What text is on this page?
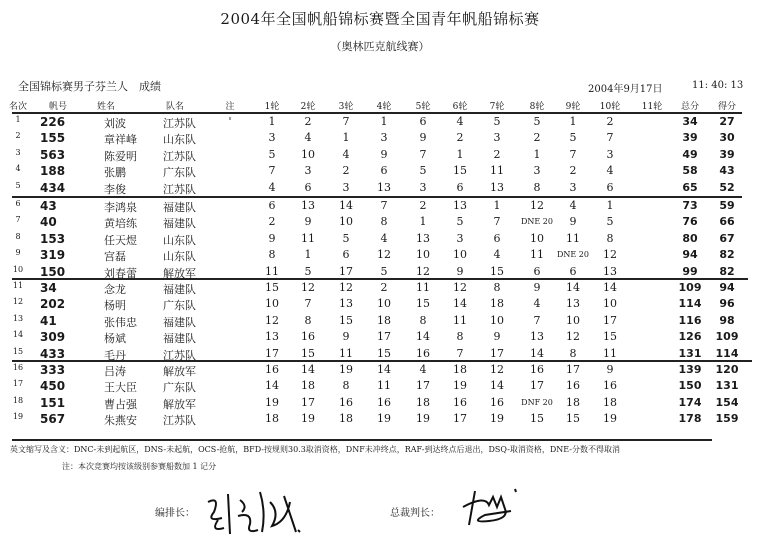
2004年全国帆船锦标赛暨全国青年帆船锦标赛
（奥林匹克航线赛）
全国锦标赛男子芬兰人　成绩	2004年9月17日	11: 40: 13
名次 帆号	姓名	队名	注	1轮 2轮	3轮	4轮	5轮 6轮 7轮	8轮 9轮 10轮 11轮 总分 得分
1 226	刘波	江苏队	'	1	2	7	1	6	4	5	5	1	2	34 27
2 155	章祥峰 山东队	3	4	1	3	9	2	3	2	5	7	39 30
3 563	陈爱明 江苏队	5 10	4	9	7	1	2	1	7	3	49 39
4 188	张鹏	广东队	7	3	2	6	5 15 11	3	2	4	58 43
5 434	李俊	江苏队	4	6	3	13	3	6 13	8	3	6	65 52
6 43	李鸿泉 福建队	6 13 14	7	2 13 1	12 4	1	73 59
7 40	黄培练 福建队	2	9	10	8	1	5	7	DNE 20 9	5	76 66
8 153	任天煜 山东队	9 11	5	4	13 3	6	10 11 8	80 67
9 319	宫磊	山东队	8	1	6	12 10 10 4	11 DNE 20 12	94 82
10 150	刘春蕾 解放军	11 5	17	5	12 9 15	6	6 13	99 82
11 34	念龙	福建队	15 12 12	2	11 12 8	9 14 14	109 94
12 202	杨明	广东队	10 7	13 10 15 14 18	4 13 10	114 96
13 41	张伟忠 福建队	12 8	15 18	8 11 10	7 10 17	116 98
14 309	杨斌	福建队	13 16	9	17 14 8	9	13 12 15	126 109
15 433	毛丹	江苏队	17 15 11 15 16 7 17 14 8 11	131 114
16 333	吕涛	解放军	16 14 19 14	4 18 12 16 17 9	139 120
17 450	王大臣 广东队	14 18	8	11 17 19 14 17 16 16	150 131
18 151	曹占强 解放军	19 17 16 16 18 16 16 DNF 20 18 18	174 154
19 567	朱燕安 江苏队	18 19 18 19 19 17 19 15 15 19	178 159
英文缩写及含义：DNC-未到起航区，DNS-未起航，OCS-抢航，BFD-按规则30.3取消资格，DNF未冲终点，RAF-到达终点后退出，DSQ-取消资格，DNE-分数不得取消
注：本次竞赛均按该级别参赛船数加 1 记分
编排长：	总裁判长：
